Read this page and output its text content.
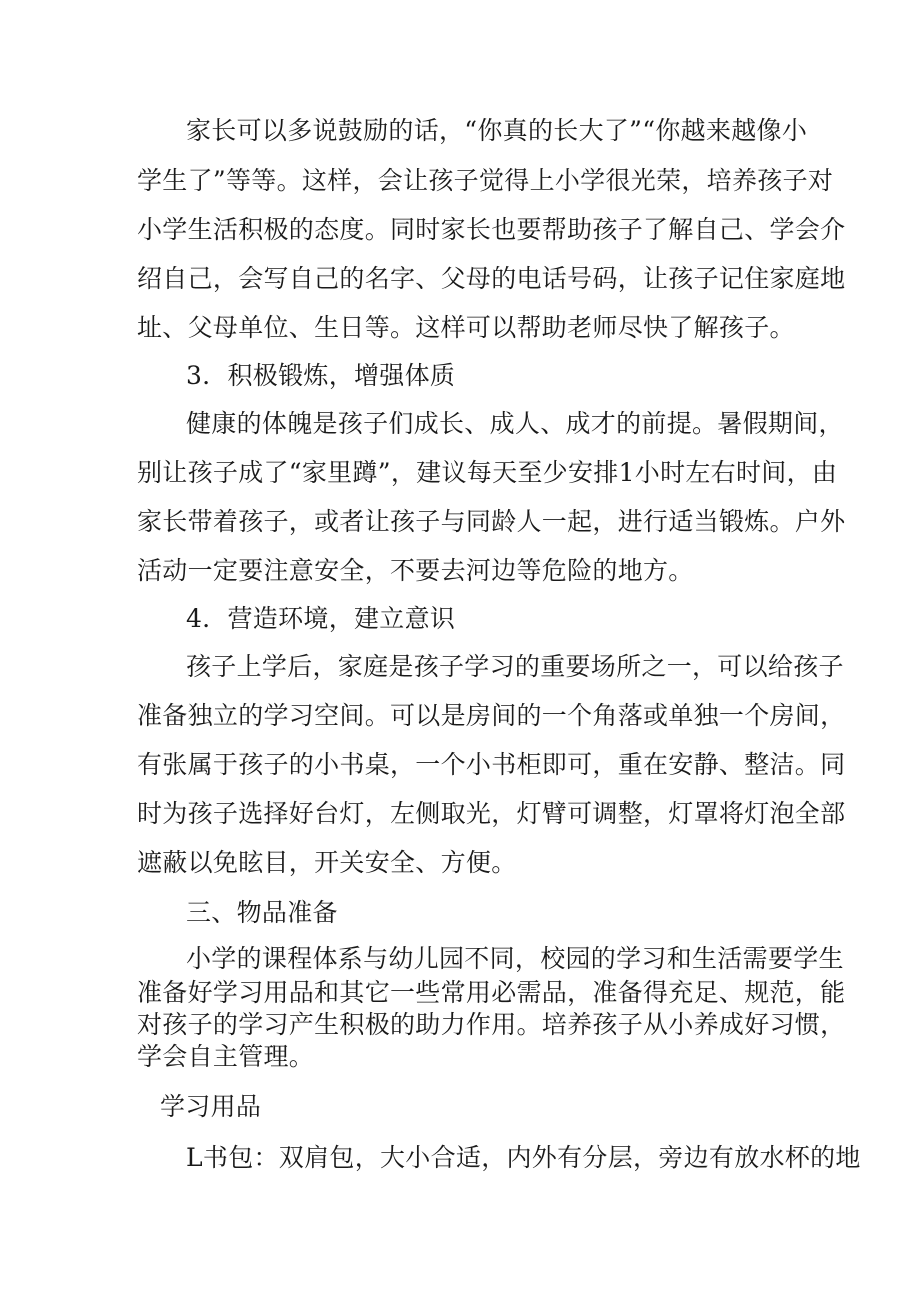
家长可以多说鼓励的话，“你真的长大了”“你越来越像小
学生了”等等。这样，会让孩子觉得上小学很光荣，培养孩子对
小学生活积极的态度。同时家长也要帮助孩子了解自己、学会介
绍自己，会写自己的名字、父母的电话号码，让孩子记住家庭地
址、父母单位、生日等。这样可以帮助老师尽快了解孩子。
3．积极锻炼，增强体质
健康的体魄是孩子们成长、成人、成才的前提。暑假期间，
别让孩子成了“家里蹲”，建议每天至少安排1小时左右时间，由
家长带着孩子，或者让孩子与同龄人一起，进行适当锻炼。户外
活动一定要注意安全，不要去河边等危险的地方。
4．营造环境，建立意识
孩子上学后，家庭是孩子学习的重要场所之一，可以给孩子
准备独立的学习空间。可以是房间的一个角落或单独一个房间，
有张属于孩子的小书桌，一个小书柜即可，重在安静、整洁。同
时为孩子选择好台灯，左侧取光，灯臂可调整，灯罩将灯泡全部
遮蔽以免眩目，开关安全、方便。
三、物品准备
小学的课程体系与幼儿园不同，校园的学习和生活需要学生
准备好学习用品和其它一些常用必需品，准备得充足、规范，能
对孩子的学习产生积极的助力作用。培养孩子从小养成好习惯，
学会自主管理。
学习用品
L书包：双肩包，大小合适，内外有分层，旁边有放水杯的地
